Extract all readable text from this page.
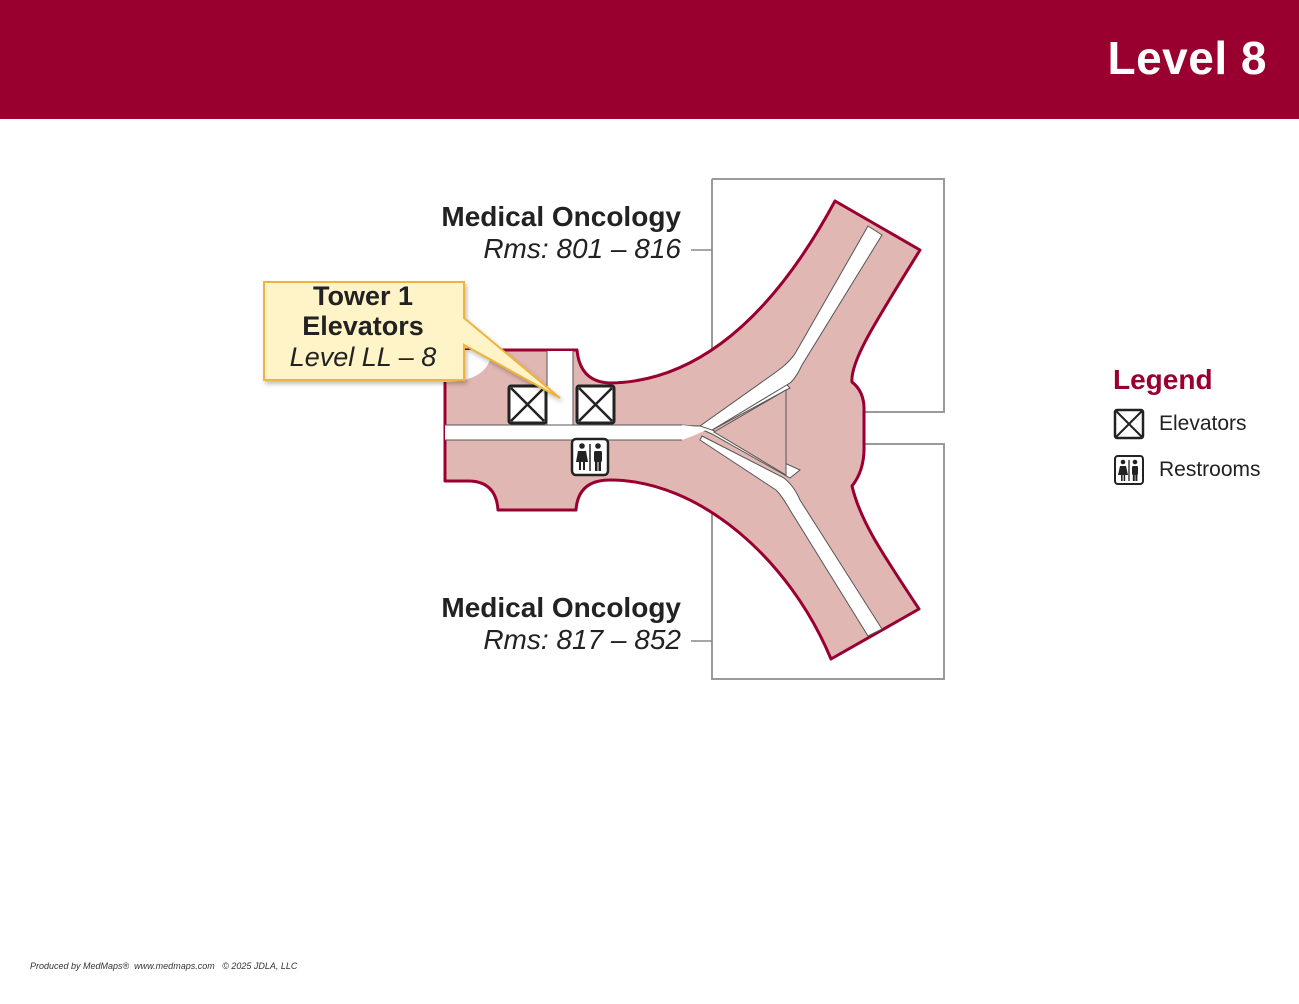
Level 8
Medical Oncology
Rms: 801 – 816
Medical Oncology
Rms: 817 – 852
Tower 1
Elevators
Level LL – 8
Legend
Elevators
Restrooms
Produced by MedMaps®  www.medmaps.com   © 2025 JDLA, LLC
